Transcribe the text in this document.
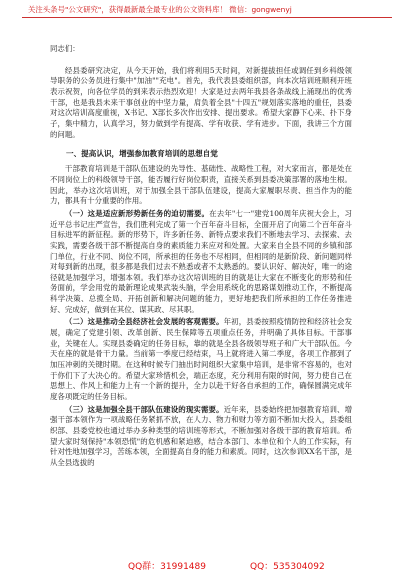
关注头条号"公文研究"，获得最新最全最专业的公文资料库！ 微信：gongwenyj

同志们：

经县委研究决定，从今天开始，我们将利用5天时间，对新提拔担任或调任到乡科级领导职务的公务员进行集中"加油""充电"。首先，我代表县委组织部，向本次培训班顺利开班表示祝贺，向各位学员的到来表示热烈欢迎！大家是过去两年我县各条战线上涌现出的优秀干部，也是我县未来干事创业的中坚力量，肩负着全县"十四五"规划落实落地的重任，县委对这次培训高度重视，X书记、X部长多次作出安排、提出要求。希望大家静下心来、扑下身子，集中精力，认真学习，努力做到学有提高、学有收获、学有进步。下面，我讲三个方面的问题。

一、提高认识，增强参加教育培训的思想自觉

干部教育培训是干部队伍建设的先导性、基础性、战略性工程，对大家而言，都是处在不同岗位上的科级领导干部，能否履行好岗位职责，直接关系到县委决策部署的落地生根。因此，举办这次培训班，对于加强全县干部队伍建设，提高大家履职尽责、担当作为的能力，都具有十分重要的作用。

（一）这是适应新形势新任务的迫切需要。在去年"七一"建党100周年庆祝大会上，习近平总书记庄严宣告，我们胜利完成了第一个百年奋斗目标，全面开启了向第二个百年奋斗目标进军的新征程。新的形势下，许多新任务、新特点要求我们不断地去学习、去探索、去实践，需要各级干部不断提高自身的素质能力来应对和处置。大家来自全县不同的乡镇和部门单位，行业不同、岗位不同，所承担的任务也不尽相同，但相同的是新阶段、新问题同样对每到新的出现，很多都是我们过去不熟悉或者不太熟悉的。要认识好、解决好，唯一的途径就是加强学习，增强本领。我们举办这次培训班的目的就是让大家在不断变化的形势和任务面前，学会用党的最新理论成果武装头脑，学会用系统化的思路谋划推动工作，不断提高科学决策、总揽全局、开拓创新和解决问题的能力，更好地把我们所承担的工作任务推进好、完成好，做到在其位、谋其政、尽其职。

（二）这是推动全县经济社会发展的客观需要。年初，县委按照疫情防控和经济社会发展，确定了党建引领、改革创新、民生保障等五项重点任务，并明确了具体目标。干部事业，关键在人。实现县委确定的任务目标，靠的就是全县各级领导班子和广大干部队伍。今天在座的就是骨干力量。当前第一季度已经结束，马上就将进入第二季度，各项工作都到了加压冲刺的关键时期。在这种时候专门抽出时间组织大家集中培训，是非常不容易的，也对于你们下了大决心的。希望大家珍惜机会，端正态度，充分利用有限的时间，努力使自己在思想上、作风上和能力上有一个新的提升，全力以赴干好各自承担的工作，确保圆满完成年度各项既定的任务目标。

（三）这是加强全县干部队伍建设的现实需要。近年来，县委始终把加强教育培训、增强干部本领作为一项战略任务紧抓不放，在人力、物力和财力等方面不断加大投入，县委组织部、县委党校也通过举办多种类型的培训班等形式，不断加强对各级干部的教育培训。希望大家时刻保持"本领恐慌"的危机感和紧迫感，结合本部门、本单位和个人的工作实际，有针对性地加强学习，苦练本领，全面提高自身的能力和素质。同时，这次参训XX名干部，是从全县选拔的

QQ群：31991489	QQ：535304092
